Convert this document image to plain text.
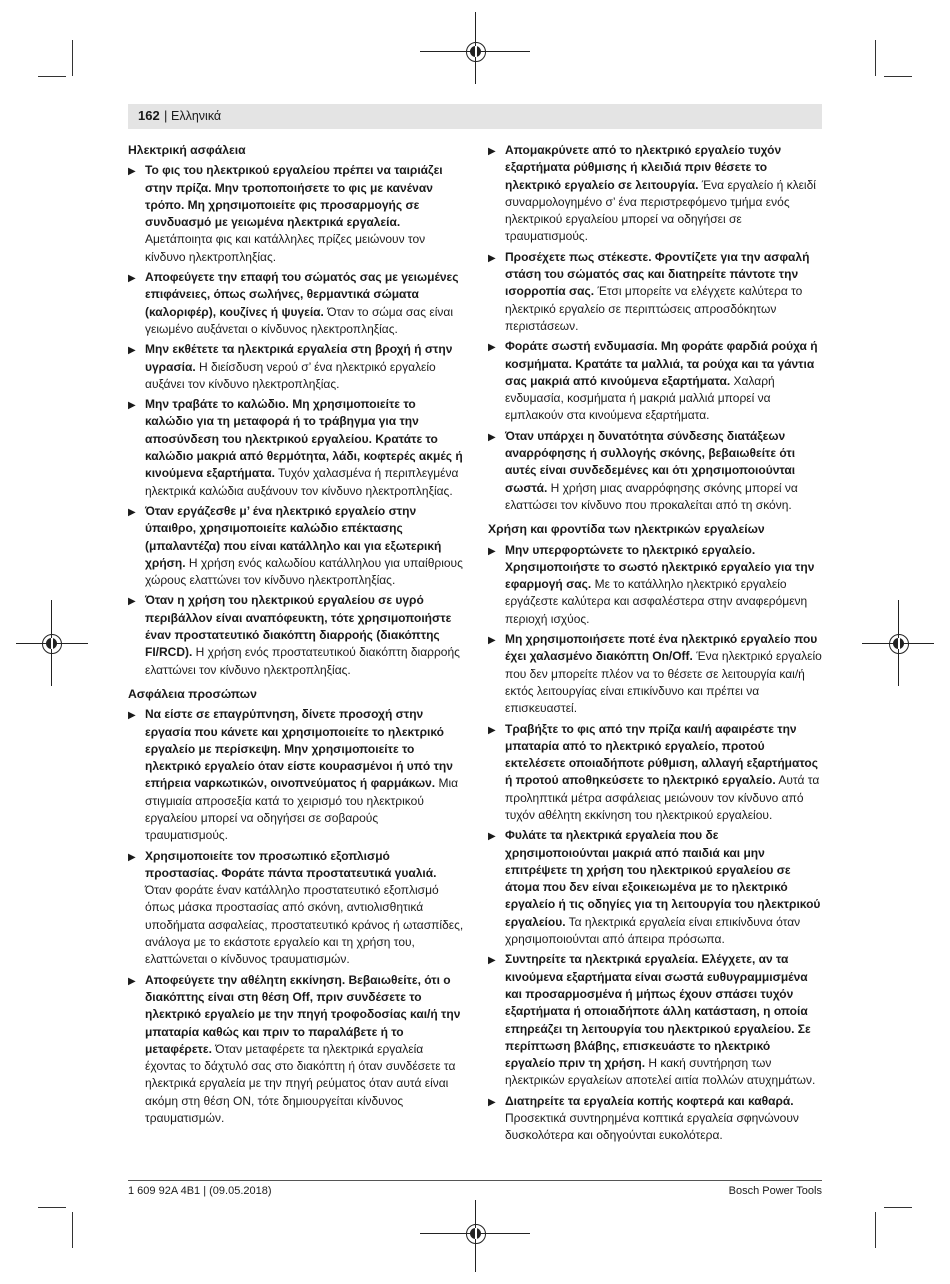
162 | Ελληνικά
Ηλεκτρική ασφάλεια
▶ Το φις του ηλεκτρικού εργαλείου πρέπει να ταιριάζει στην πρίζα. Μην τροποποιήσετε το φις με κανέναν τρόπο. Μη χρησιμοποιείτε φις προσαρμογής σε συνδυασμό με γειωμένα ηλεκτρικά εργαλεία. Αμετάποιητα φις και κατάλληλες πρίζες μειώνουν τον κίνδυνο ηλεκτροπληξίας.
▶ Αποφεύγετε την επαφή του σώματός σας με γειωμένες επιφάνειες, όπως σωλήνες, θερμαντικά σώματα (καλοριφέρ), κουζίνες ή ψυγεία. Όταν το σώμα σας είναι γειωμένο αυξάνεται ο κίνδυνος ηλεκτροπληξίας.
▶ Μην εκθέτετε τα ηλεκτρικά εργαλεία στη βροχή ή στην υγρασία. Η διείσδυση νερού σ’ ένα ηλεκτρικό εργαλείο αυξάνει τον κίνδυνο ηλεκτροπληξίας.
▶ Μην τραβάτε το καλώδιο. Μη χρησιμοποιείτε το καλώδιο για τη μεταφορά ή το τράβηγμα για την αποσύνδεση του ηλεκτρικού εργαλείου. Κρατάτε το καλώδιο μακριά από θερμότητα, λάδι, κοφτερές ακμές ή κινούμενα εξαρτήματα. Τυχόν χαλασμένα ή περιπλεγμένα ηλεκτρικά καλώδια αυξάνουν τον κίνδυνο ηλεκτροπληξίας.
▶ Όταν εργάζεσθε μ’ ένα ηλεκτρικό εργαλείο στην ύπαιθρο, χρησιμοποιείτε καλώδιο επέκτασης (μπαλαντέζα) που είναι κατάλληλο και για εξωτερική χρήση. Η χρήση ενός καλωδίου κατάλληλου για υπαίθριους χώρους ελαττώνει τον κίνδυνο ηλεκτροπληξίας.
▶ Όταν η χρήση του ηλεκτρικού εργαλείου σε υγρό περιβάλλον είναι αναπόφευκτη, τότε χρησιμοποιήστε έναν προστατευτικό διακόπτη διαρροής (διακόπτης FI/RCD). Η χρήση ενός προστατευτικού διακόπτη διαρροής ελαττώνει τον κίνδυνο ηλεκτροπληξίας.
Ασφάλεια προσώπων
▶ Να είστε σε επαγρύπνηση, δίνετε προσοχή στην εργασία που κάνετε και χρησιμοποιείτε το ηλεκτρικό εργαλείο με περίσκεψη. Μην χρησιμοποιείτε το ηλεκτρικό εργαλείο όταν είστε κουρασμένοι ή υπό την επήρεια ναρκωτικών, οινοπνεύματος ή φαρμάκων. Μια στιγμιαία απροσεξία κατά το χειρισμό του ηλεκτρικού εργαλείου μπορεί να οδηγήσει σε σοβαρούς τραυματισμούς.
▶ Χρησιμοποιείτε τον προσωπικό εξοπλισμό προστασίας. Φοράτε πάντα προστατευτικά γυαλιά. Όταν φοράτε έναν κατάλληλο προστατευτικό εξοπλισμό όπως μάσκα προστασίας από σκόνη, αντιολισθητικά υποδήματα ασφαλείας, προστατευτικό κράνος ή ωτασπίδες, ανάλογα με το εκάστοτε εργαλείο και τη χρήση του, ελαττώνεται ο κίνδυνος τραυματισμών.
▶ Αποφεύγετε την αθέλητη εκκίνηση. Βεβαιωθείτε, ότι ο διακόπτης είναι στη θέση Off, πριν συνδέσετε το ηλεκτρικό εργαλείο με την πηγή τροφοδοσίας και/ή την μπαταρία καθώς και πριν το παραλάβετε ή το μεταφέρετε. Όταν μεταφέρετε τα ηλεκτρικά εργαλεία έχοντας το δάχτυλό σας στο διακόπτη ή όταν συνδέσετε τα ηλεκτρικά εργαλεία με την πηγή ρεύματος όταν αυτά είναι ακόμη στη θέση ON, τότε δημιουργείται κίνδυνος τραυματισμών.
▶ Απομακρύνετε από το ηλεκτρικό εργαλείο τυχόν εξαρτήματα ρύθμισης ή κλειδιά πριν θέσετε το ηλεκτρικό εργαλείο σε λειτουργία. Ένα εργαλείο ή κλειδί συναρμολογημένο σ’ ένα περιστρεφόμενο τμήμα ενός ηλεκτρικού εργαλείου μπορεί να οδηγήσει σε τραυματισμούς.
▶ Προσέχετε πως στέκεστε. Φροντίζετε για την ασφαλή στάση του σώματός σας και διατηρείτε πάντοτε την ισορροπία σας. Έτσι μπορείτε να ελέγχετε καλύτερα το ηλεκτρικό εργαλείο σε περιπτώσεις απροσδόκητων περιστάσεων.
▶ Φοράτε σωστή ενδυμασία. Μη φοράτε φαρδιά ρούχα ή κοσμήματα. Κρατάτε τα μαλλιά, τα ρούχα και τα γάντια σας μακριά από κινούμενα εξαρτήματα. Χαλαρή ενδυμασία, κοσμήματα ή μακριά μαλλιά μπορεί να εμπλακούν στα κινούμενα εξαρτήματα.
▶ Όταν υπάρχει η δυνατότητα σύνδεσης διατάξεων αναρρόφησης ή συλλογής σκόνης, βεβαιωθείτε ότι αυτές είναι συνδεδεμένες και ότι χρησιμοποιούνται σωστά. Η χρήση μιας αναρρόφησης σκόνης μπορεί να ελαττώσει τον κίνδυνο που προκαλείται από τη σκόνη.
Χρήση και φροντίδα των ηλεκτρικών εργαλείων
▶ Μην υπερφορτώνετε το ηλεκτρικό εργαλείο. Χρησιμοποιήστε το σωστό ηλεκτρικό εργαλείο για την εφαρμογή σας. Με το κατάλληλο ηλεκτρικό εργαλείο εργάζεστε καλύτερα και ασφαλέστερα στην αναφερόμενη περιοχή ισχύος.
▶ Μη χρησιμοποιήσετε ποτέ ένα ηλεκτρικό εργαλείο που έχει χαλασμένο διακόπτη On/Off. Ένα ηλεκτρικό εργαλείο που δεν μπορείτε πλέον να το θέσετε σε λειτουργία και/ή εκτός λειτουργίας είναι επικίνδυνο και πρέπει να επισκευαστεί.
▶ Τραβήξτε το φις από την πρίζα και/ή αφαιρέστε την μπαταρία από το ηλεκτρικό εργαλείο, προτού εκτελέσετε οποιαδήποτε ρύθμιση, αλλαγή εξαρτήματος ή προτού αποθηκεύσετε το ηλεκτρικό εργαλείο. Αυτά τα προληπτικά μέτρα ασφάλειας μειώνουν τον κίνδυνο από τυχόν αθέλητη εκκίνηση του ηλεκτρικού εργαλείου.
▶ Φυλάτε τα ηλεκτρικά εργαλεία που δε χρησιμοποιούνται μακριά από παιδιά και μην επιτρέψετε τη χρήση του ηλεκτρικού εργαλείου σε άτομα που δεν είναι εξοικειωμένα με το ηλεκτρικό εργαλείο ή τις οδηγίες για τη λειτουργία του ηλεκτρικού εργαλείου. Τα ηλεκτρικά εργαλεία είναι επικίνδυνα όταν χρησιμοποιούνται από άπειρα πρόσωπα.
▶ Συντηρείτε τα ηλεκτρικά εργαλεία. Ελέγχετε, αν τα κινούμενα εξαρτήματα είναι σωστά ευθυγραμμισμένα και προσαρμοσμένα ή μήπως έχουν σπάσει τυχόν εξαρτήματα ή οποιαδήποτε άλλη κατάσταση, η οποία επηρεάζει τη λειτουργία του ηλεκτρικού εργαλείου. Σε περίπτωση βλάβης, επισκευάστε το ηλεκτρικό εργαλείο πριν τη χρήση. Η κακή συντήρηση των ηλεκτρικών εργαλείων αποτελεί αιτία πολλών ατυχημάτων.
▶ Διατηρείτε τα εργαλεία κοπής κοφτερά και καθαρά. Προσεκτικά συντηρημένα κοπτικά εργαλεία σφηνώνουν δυσκολότερα και οδηγούνται ευκολότερα.
1 609 92A 4B1 | (09.05.2018)	Bosch Power Tools
